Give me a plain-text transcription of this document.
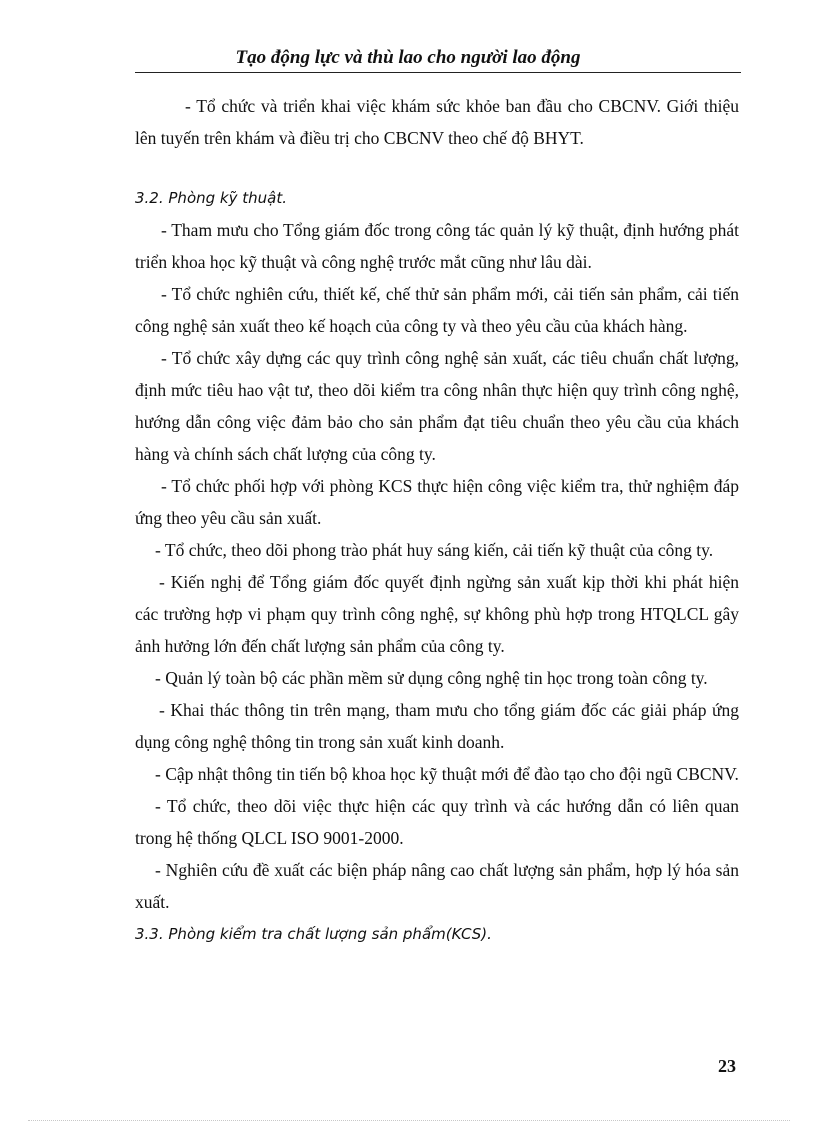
Tạo động lực và thù lao cho người lao động

- Tổ chức và triển khai việc khám sức khỏe ban đầu cho CBCNV. Giới thiệu lên tuyến trên khám và điều trị cho CBCNV theo chế độ BHYT.

3.2. Phòng kỹ thuật.

- Tham mưu cho Tổng giám đốc trong công tác quản lý kỹ thuật, định hướng phát triển khoa học kỹ thuật và công nghệ trước mắt cũng như lâu dài.

- Tổ chức nghiên cứu, thiết kế, chế thử sản phẩm mới, cải tiến sản phẩm, cải tiến công nghệ sản xuất theo kế hoạch của công ty và theo yêu cầu của khách hàng.

- Tổ chức xây dựng các quy trình công nghệ sản xuất, các tiêu chuẩn chất lượng, định mức tiêu hao vật tư, theo dõi kiểm tra công nhân thực hiện quy trình công nghệ, hướng dẫn công việc đảm bảo cho sản phẩm đạt tiêu chuẩn theo yêu cầu của khách hàng và chính sách chất lượng của công ty.

- Tổ chức phối hợp với phòng KCS thực hiện công việc kiểm tra, thử nghiệm đáp ứng theo yêu cầu sản xuất.

- Tổ chức, theo dõi phong trào phát huy sáng kiến, cải tiến kỹ thuật của công ty.

- Kiến nghị để Tổng giám đốc quyết định ngừng sản xuất kịp thời khi phát hiện các trường hợp vi phạm quy trình công nghệ, sự không phù hợp trong HTQLCL gây ảnh hưởng lớn đến chất lượng sản phẩm của công ty.

- Quản lý toàn bộ các phần mềm sử dụng công nghệ tin học trong toàn công ty.

- Khai thác thông tin trên mạng, tham mưu cho tổng giám đốc các giải pháp ứng dụng công nghệ thông tin trong sản xuất kinh doanh.

- Cập nhật thông tin tiến bộ khoa học kỹ thuật mới để đào tạo cho đội ngũ CBCNV.

- Tổ chức, theo dõi việc thực hiện các quy trình và các hướng dẫn có liên quan trong hệ thống QLCL ISO 9001-2000.

- Nghiên cứu đề xuất các biện pháp nâng cao chất lượng sản phẩm, hợp lý hóa sản xuất.

3.3. Phòng kiểm tra chất lượng sản phẩm(KCS).

23
